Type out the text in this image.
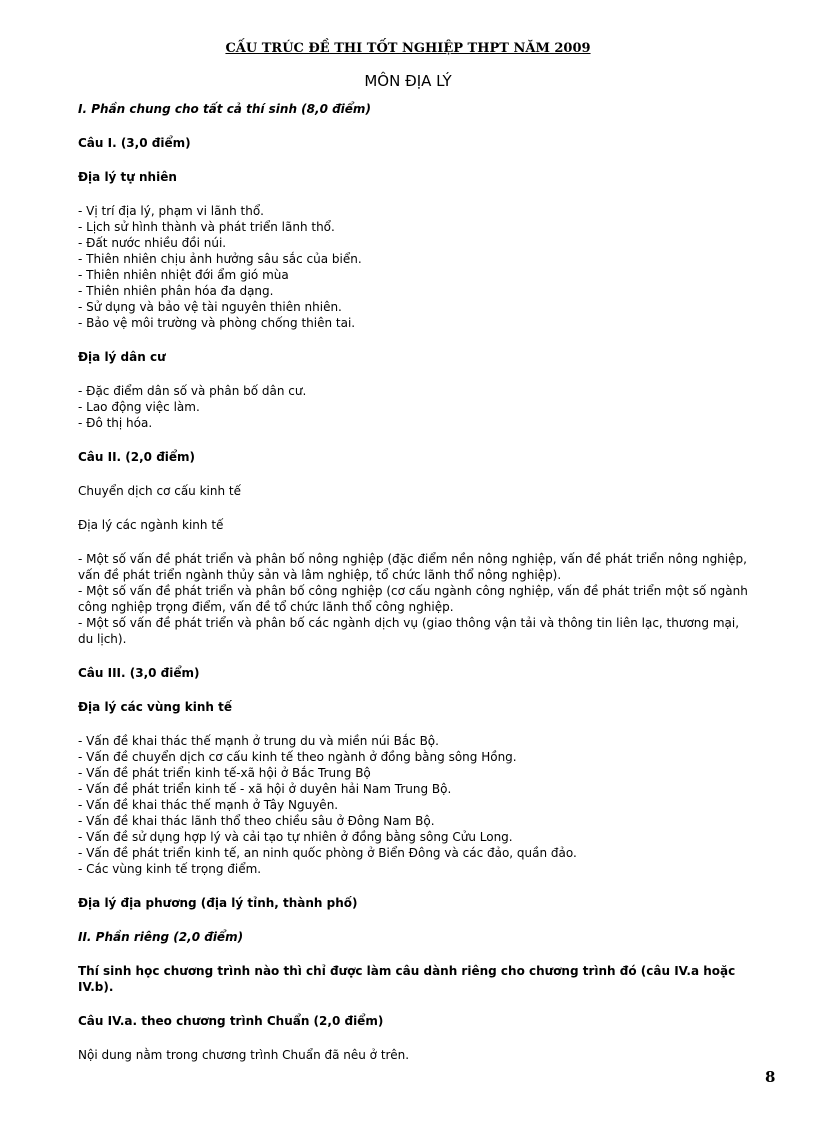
CẤU TRÚC ĐỀ THI TỐT NGHIỆP THPT NĂM 2009
MÔN ĐỊA LÝ

I. Phần chung cho tất cả thí sinh (8,0 điểm)

Câu I. (3,0 điểm)

Địa lý tự nhiên

- Vị trí địa lý, phạm vi lãnh thổ.
- Lịch sử hình thành và phát triển lãnh thổ.
- Đất nước nhiều đồi núi.
- Thiên nhiên chịu ảnh hưởng sâu sắc của biển.
- Thiên nhiên nhiệt đới ẩm gió mùa
- Thiên nhiên phân hóa đa dạng.
- Sử dụng và bảo vệ tài nguyên thiên nhiên.
- Bảo vệ môi trường và phòng chống thiên tai.

Địa lý dân cư

- Đặc điểm dân số và phân bố dân cư.
- Lao động việc làm.
- Đô thị hóa.

Câu II. (2,0 điểm)

Chuyển dịch cơ cấu kinh tế

Địa lý các ngành kinh tế

- Một số vấn đề phát triển và phân bố nông nghiệp (đặc điểm nền nông nghiệp, vấn đề phát triển nông nghiệp, vấn đề phát triển ngành thủy sản và lâm nghiệp, tổ chức lãnh thổ nông nghiệp).
- Một số vấn đề phát triển và phân bố công nghiệp (cơ cấu ngành công nghiệp, vấn đề phát triển một số ngành công nghiệp trọng điểm, vấn đề tổ chức lãnh thổ công nghiệp.
- Một số vấn đề phát triển và phân bố các ngành dịch vụ (giao thông vận tải và thông tin liên lạc, thương mại, du lịch).

Câu III. (3,0 điểm)

Địa lý các vùng kinh tế

- Vấn đề khai thác thế mạnh ở trung du và miền núi Bắc Bộ.
- Vấn đề chuyển dịch cơ cấu kinh tế theo ngành ở đồng bằng sông Hồng.
- Vấn đề phát triển kinh tế-xã hội ở Bắc Trung Bộ
- Vấn đề phát triển kinh tế - xã hội ở duyên hải Nam Trung Bộ.
- Vấn đề khai thác thế mạnh ở Tây Nguyên.
- Vấn đề khai thác lãnh thổ theo chiều sâu ở Đông Nam Bộ.
- Vấn đề sử dụng hợp lý và cải tạo tự nhiên ở đồng bằng sông Cửu Long.
- Vấn đề phát triển kinh tế, an ninh quốc phòng ở Biển Đông và các đảo, quần đảo.
- Các vùng kinh tế trọng điểm.

Địa lý địa phương (địa lý tỉnh, thành phố)

II. Phần riêng (2,0 điểm)

Thí sinh học chương trình nào thì chỉ được làm câu dành riêng cho chương trình đó (câu IV.a hoặc IV.b).

Câu IV.a. theo chương trình Chuẩn (2,0 điểm)

Nội dung nằm trong chương trình Chuẩn đã nêu ở trên.

8
